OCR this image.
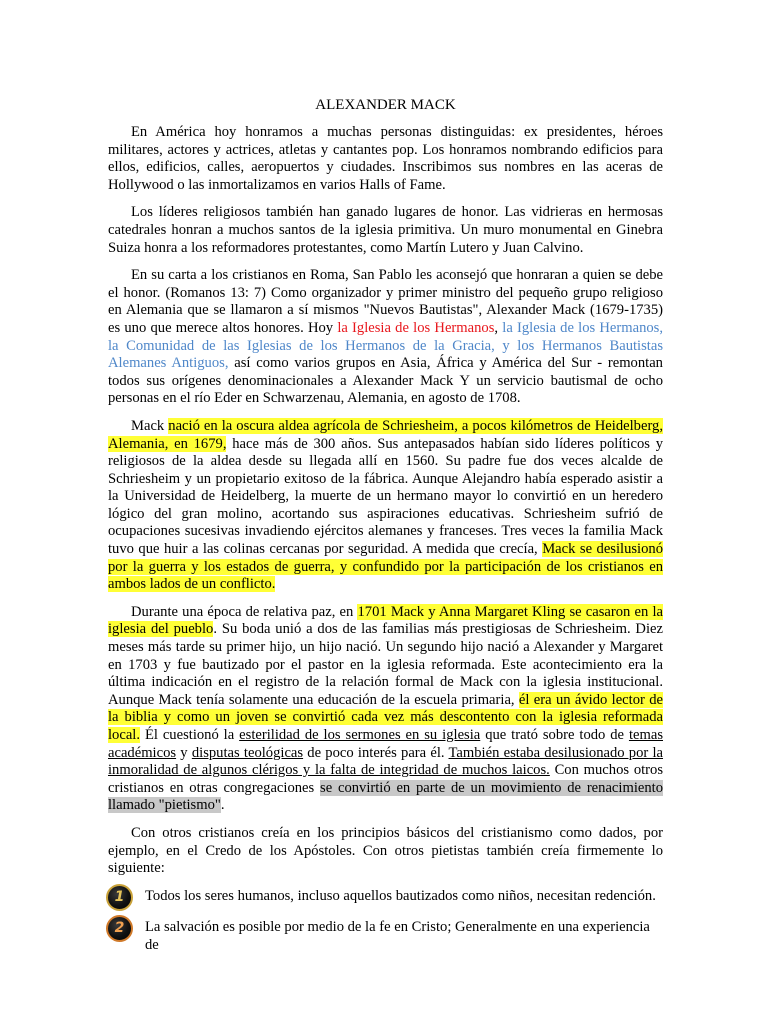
ALEXANDER MACK

En América hoy honramos a muchas personas distinguidas: ex presidentes, héroes militares, actores y actrices, atletas y cantantes pop. Los honramos nombrando edificios para ellos, edificios, calles, aeropuertos y ciudades. Inscribimos sus nombres en las aceras de Hollywood o las inmortalizamos en varios Halls of Fame.

Los líderes religiosos también han ganado lugares de honor. Las vidrieras en hermosas catedrales honran a muchos santos de la iglesia primitiva. Un muro monumental en Ginebra Suiza honra a los reformadores protestantes, como Martín Lutero y Juan Calvino.

En su carta a los cristianos en Roma, San Pablo les aconsejó que honraran a quien se debe el honor. (Romanos 13: 7) Como organizador y primer ministro del pequeño grupo religioso en Alemania que se llamaron a sí mismos "Nuevos Bautistas", Alexander Mack (1679-1735) es uno que merece altos honores. Hoy la Iglesia de los Hermanos, la Iglesia de los Hermanos, la Comunidad de las Iglesias de los Hermanos de la Gracia, y los Hermanos Bautistas Alemanes Antiguos, así como varios grupos en Asia, África y América del Sur - remontan todos sus orígenes denominacionales a Alexander Mack Y un servicio bautismal de ocho personas en el río Eder en Schwarzenau, Alemania, en agosto de 1708.

Mack nació en la oscura aldea agrícola de Schriesheim, a pocos kilómetros de Heidelberg, Alemania, en 1679, hace más de 300 años. Sus antepasados habían sido líderes políticos y religiosos de la aldea desde su llegada allí en 1560. Su padre fue dos veces alcalde de Schriesheim y un propietario exitoso de la fábrica. Aunque Alejandro había esperado asistir a la Universidad de Heidelberg, la muerte de un hermano mayor lo convirtió en un heredero lógico del gran molino, acortando sus aspiraciones educativas. Schriesheim sufrió de ocupaciones sucesivas invadiendo ejércitos alemanes y franceses. Tres veces la familia Mack tuvo que huir a las colinas cercanas por seguridad. A medida que crecía, Mack se desilusionó por la guerra y los estados de guerra, y confundido por la participación de los cristianos en ambos lados de un conflicto.

Durante una época de relativa paz, en 1701 Mack y Anna Margaret Kling se casaron en la iglesia del pueblo. Su boda unió a dos de las familias más prestigiosas de Schriesheim. Diez meses más tarde su primer hijo, un hijo nació. Un segundo hijo nació a Alexander y Margaret en 1703 y fue bautizado por el pastor en la iglesia reformada. Este acontecimiento era la última indicación en el registro de la relación formal de Mack con la iglesia institucional. Aunque Mack tenía solamente una educación de la escuela primaria, él era un ávido lector de la biblia y como un joven se convirtió cada vez más descontento con la iglesia reformada local. Él cuestionó la esterilidad de los sermones en su iglesia que trató sobre todo de temas académicos y disputas teológicas de poco interés para él. También estaba desilusionado por la inmoralidad de algunos clérigos y la falta de integridad de muchos laicos. Con muchos otros cristianos en otras congregaciones se convirtió en parte de un movimiento de renacimiento llamado "pietismo".

Con otros cristianos creía en los principios básicos del cristianismo como dados, por ejemplo, en el Credo de los Apóstoles. Con otros pietistas también creía firmemente lo siguiente:

1	Todos los seres humanos, incluso aquellos bautizados como niños, necesitan redención.
2	La salvación es posible por medio de la fe en Cristo; Generalmente en una experiencia de
